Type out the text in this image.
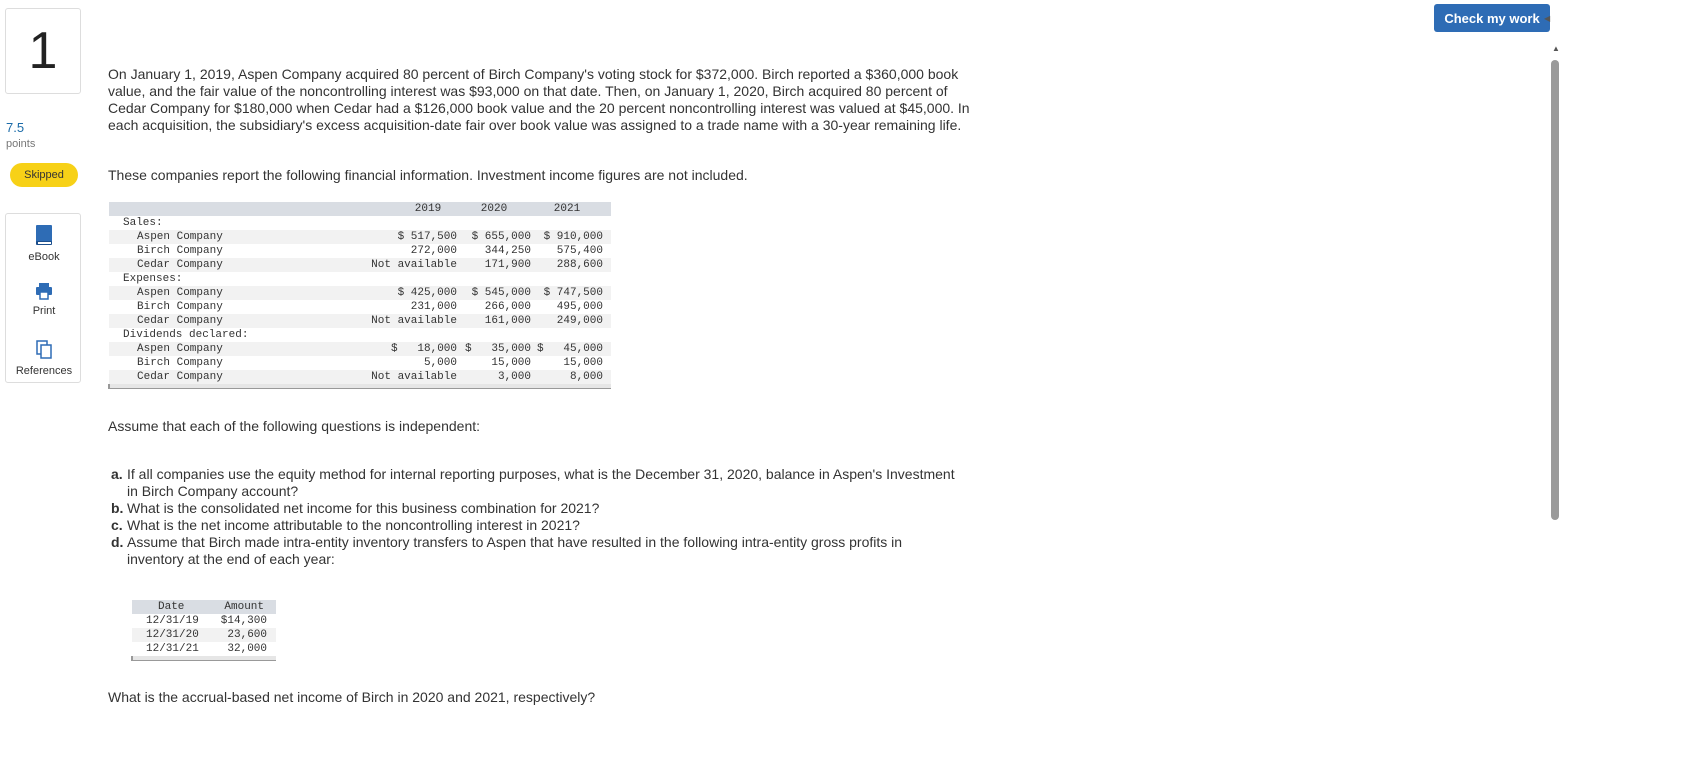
1
7.5
points
Skipped
eBook
Print
References
Check my work ◀
▲

On January 1, 2019, Aspen Company acquired 80 percent of Birch Company's voting stock for $372,000. Birch reported a $360,000 book value, and the fair value of the noncontrolling interest was $93,000 on that date. Then, on January 1, 2020, Birch acquired 80 percent of Cedar Company for $180,000 when Cedar had a $126,000 book value and the 20 percent noncontrolling interest was valued at $45,000. In each acquisition, the subsidiary's excess acquisition-date fair over book value was assigned to a trade name with a 30-year remaining life.

These companies report the following financial information. Investment income figures are not included.
	2019	2020	2021	
Sales:				
Aspen Company	$ 517,500	$ 655,000	$ 910,000	
Birch Company	272,000	344,250	575,400	
Cedar Company	Not available	171,900	288,600	
Expenses:				
Aspen Company	$ 425,000	$ 545,000	$ 747,500	
Birch Company	231,000	266,000	495,000	
Cedar Company	Not available	161,000	249,000	
Dividends declared:				
Aspen Company	$   18,000	$   35,000	$   45,000	
Birch Company	5,000	15,000	15,000	
Cedar Company	Not available	3,000	8,000	

Assume that each of the following questions is independent:
a. If all companies use the equity method for internal reporting purposes, what is the December 31, 2020, balance in Aspen's Investment in Birch Company account?
b. What is the consolidated net income for this business combination for 2021?
c. What is the net income attributable to the noncontrolling interest in 2021?
d. Assume that Birch made intra-entity inventory transfers to Aspen that have resulted in the following intra-entity gross profits in inventory at the end of each year:
Date	Amount
12/31/19	$14,300
12/31/20	23,600
12/31/21	32,000

What is the accrual-based net income of Birch in 2020 and 2021, respectively?
